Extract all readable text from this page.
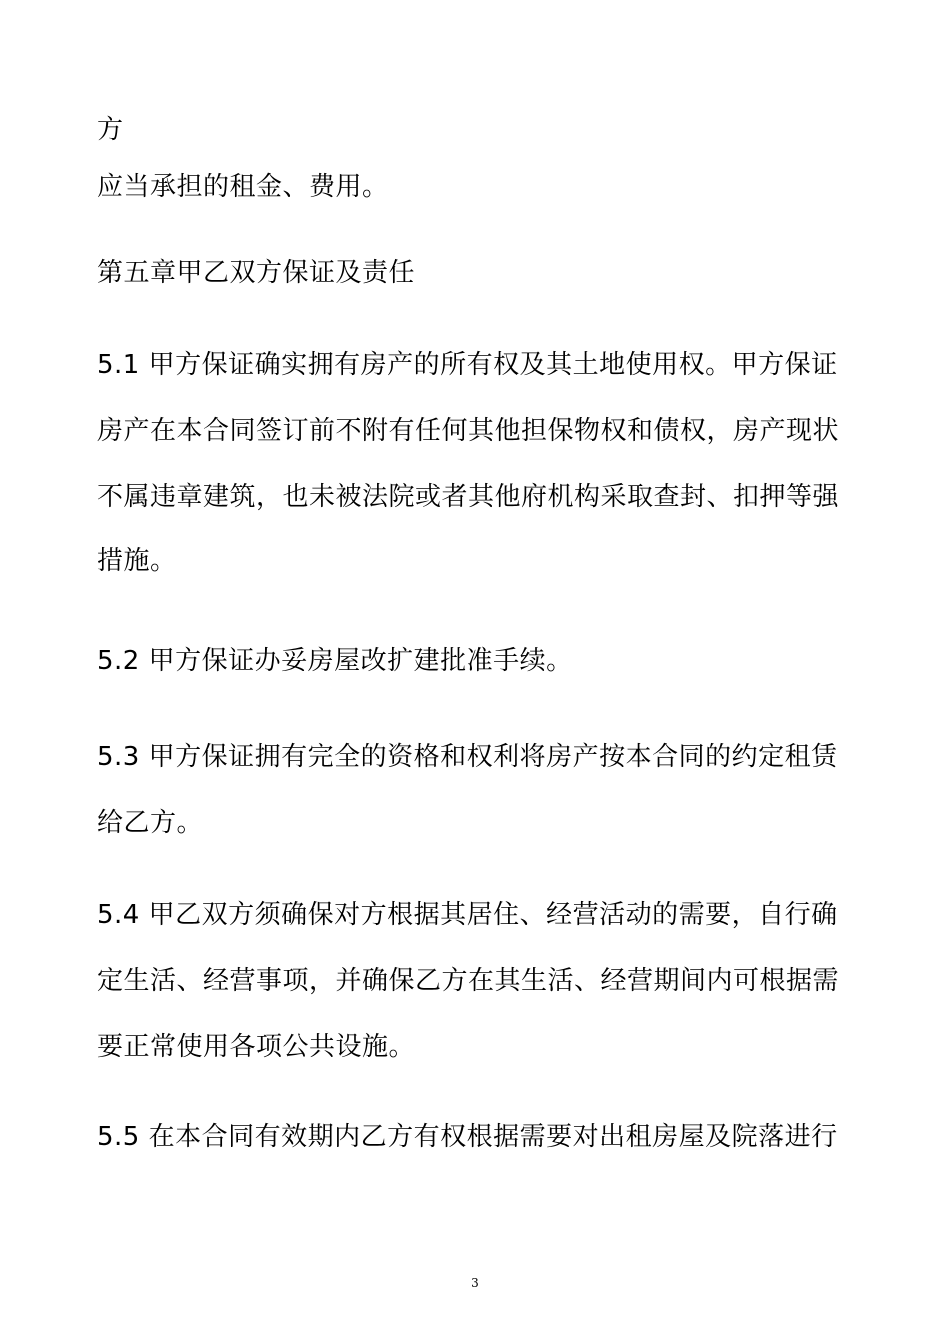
方
应当承担的租金、费用。
第五章甲乙双方保证及责任
5.1 甲方保证确实拥有房产的所有权及其土地使用权。甲方保证
房产在本合同签订前不附有任何其他担保物权和债权，房产现状
不属违章建筑，也未被法院或者其他府机构采取查封、扣押等强
措施。
5.2 甲方保证办妥房屋改扩建批准手续。
5.3 甲方保证拥有完全的资格和权利将房产按本合同的约定租赁
给乙方。
5.4 甲乙双方须确保对方根据其居住、经营活动的需要，自行确
定生活、经营事项，并确保乙方在其生活、经营期间内可根据需
要正常使用各项公共设施。
5.5 在本合同有效期内乙方有权根据需要对出租房屋及院落进行
3
